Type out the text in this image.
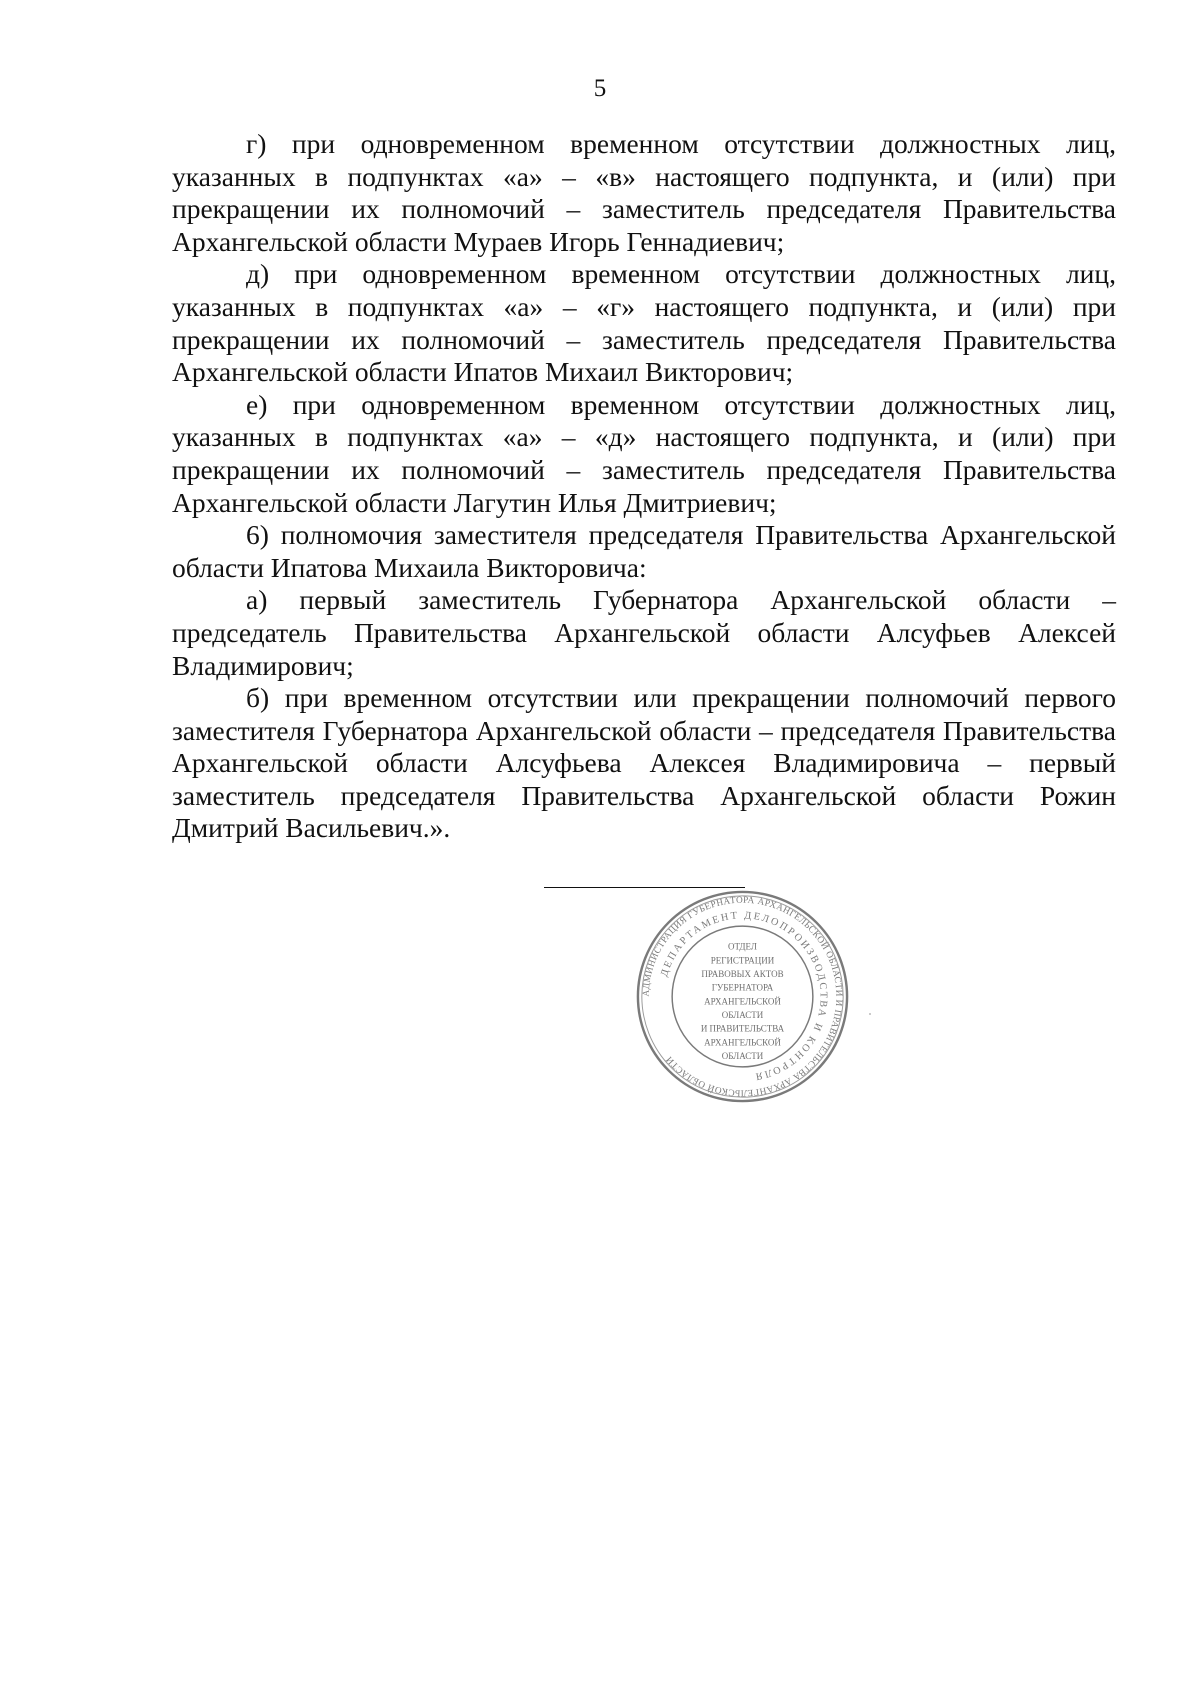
5

г) при одновременном временном отсутствии должностных лиц, указанных в подпунктах «а» – «в» настоящего подпункта, и (или) при прекращении их полномочий – заместитель председателя Правительства Архангельской области Мураев Игорь Геннадиевич;

д) при одновременном временном отсутствии должностных лиц, указанных в подпунктах «а» – «г» настоящего подпункта, и (или) при прекращении их полномочий – заместитель председателя Правительства Архангельской области Ипатов Михаил Викторович;

е) при одновременном временном отсутствии должностных лиц, указанных в подпунктах «а» – «д» настоящего подпункта, и (или) при прекращении их полномочий – заместитель председателя Правительства Архангельской области Лагутин Илья Дмитриевич;

6) полномочия заместителя председателя Правительства Архангельской области Ипатова Михаила Викторовича:

а) первый заместитель Губернатора Архангельской области – председатель Правительства Архангельской области Алсуфьев Алексей Владимирович;

б) при временном отсутствии или прекращении полномочий первого заместителя Губернатора Архангельской области – председателя Правительства Архангельской области Алсуфьева Алексея Владимировича – первый заместитель председателя Правительства Архангельской области Рожин Дмитрий Васильевич.».

АДМИНИСТРАЦИЯ ГУБЕРНАТОРА АРХАНГЕЛЬСКОЙ ОБЛАСТИ И ПРАВИТЕЛЬСТВА АРХАНГЕЛЬСКОЙ ОБЛАСТИ
ДЕПАРТАМЕНТ ДЕЛОПРОИЗВОДСТВА И КОНТРОЛЯ
ОТДЕЛ
РЕГИСТРАЦИИ
ПРАВОВЫХ АКТОВ
ГУБЕРНАТОРА
АРХАНГЕЛЬСКОЙ
ОБЛАСТИ
И ПРАВИТЕЛЬСТВА
АРХАНГЕЛЬСКОЙ
ОБЛАСТИ
